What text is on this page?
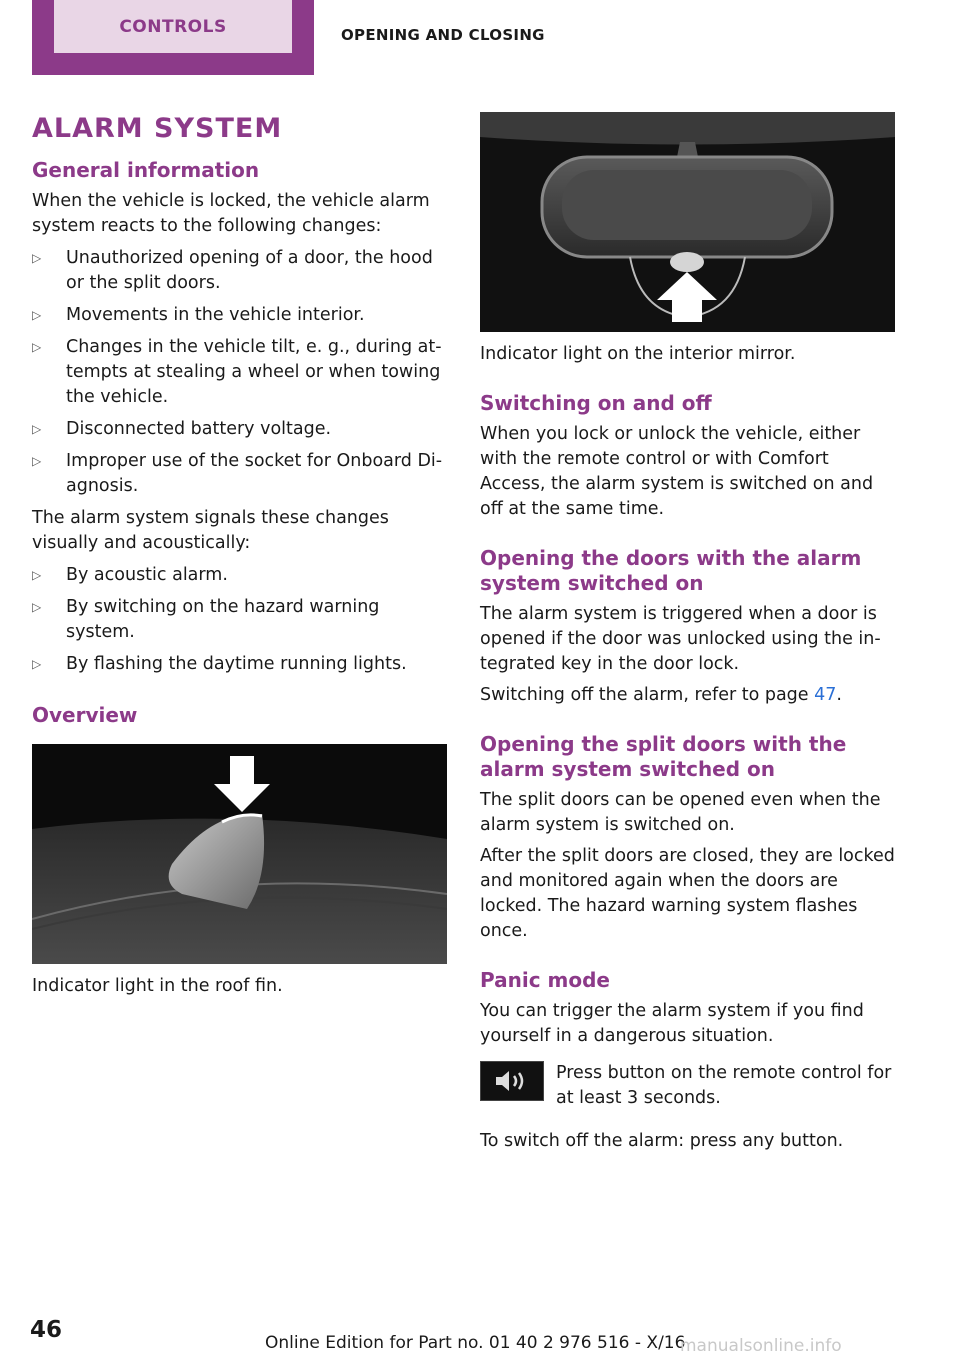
CONTROLS	OPENING AND CLOSING
ALARM SYSTEM
General information

When the vehicle is locked, the vehicle alarm system reacts to the following changes:

▷ Unauthorized opening of a door, the hood or the split doors.
▷ Movements in the vehicle interior.
▷ Changes in the vehicle tilt, e. g., during at‐ tempts at stealing a wheel or when towing the vehicle.
▷ Disconnected battery voltage.
▷ Improper use of the socket for Onboard Di‐ agnosis.

The alarm system signals these changes visually and acoustically:

▷ By acoustic alarm.
▷ By switching on the hazard warning system.
▷ By flashing the daytime running lights.
Overview

Indicator light in the roof fin.

Indicator light on the interior mirror.

Switching on and off

When you lock or unlock the vehicle, either with the remote control or with Comfort Access, the alarm system is switched on and off at the same time.

Opening the doors with the alarm system switched on

The alarm system is triggered when a door is opened if the door was unlocked using the in‐ tegrated key in the door lock.

Switching off the alarm, refer to page 47.

Opening the split doors with the alarm system switched on

The split doors can be opened even when the alarm system is switched on.

After the split doors are closed, they are locked and monitored again when the doors are locked. The hazard warning system flashes once.

Panic mode

You can trigger the alarm system if you find yourself in a dangerous situation.

Press button on the remote control for at least 3 seconds.

To switch off the alarm: press any button.

46	Online Edition for Part no. 01 40 2 976 516 - X/16
manualsonline.info
